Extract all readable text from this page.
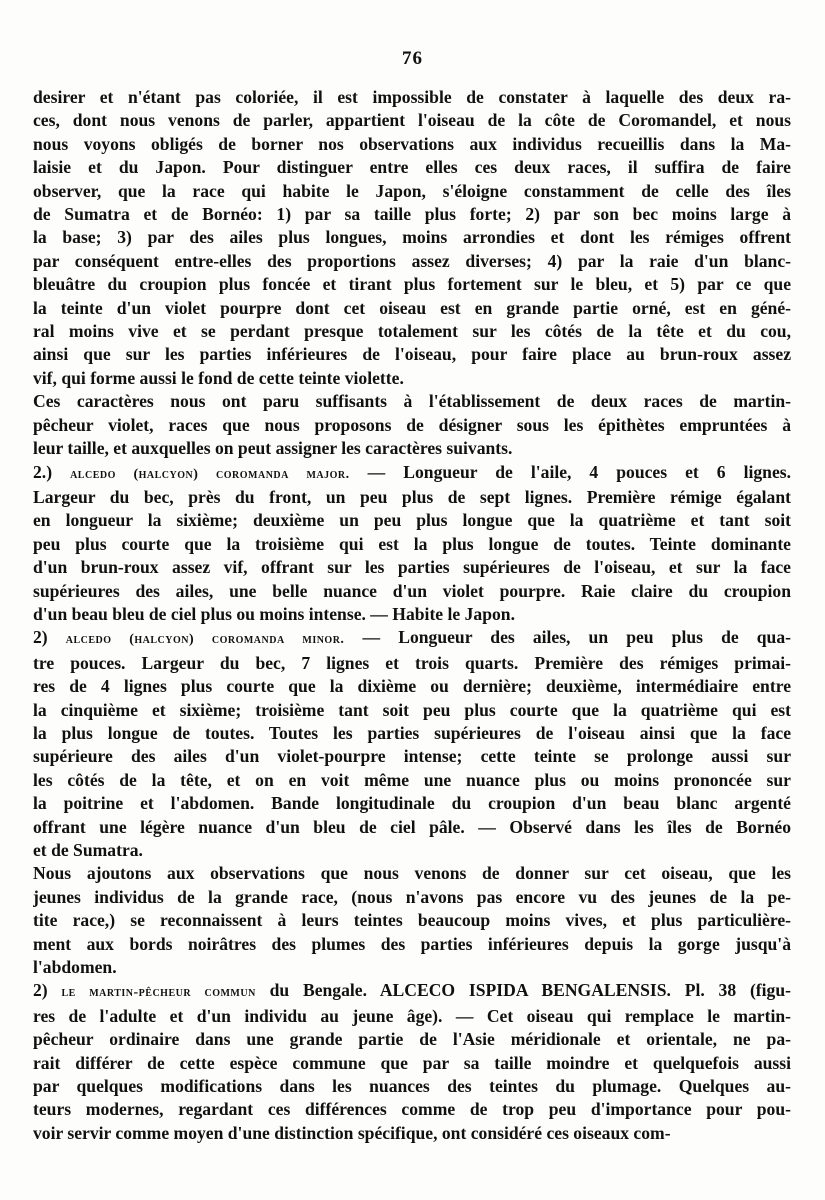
76
desirer et n'étant pas coloriée, il est impossible de constater à laquelle des deux ra-
ces, dont nous venons de parler, appartient l'oiseau de la côte de Coromandel, et nous
nous voyons obligés de borner nos observations aux individus recueillis dans la Ma-
laisie et du Japon. Pour distinguer entre elles ces deux races, il suffira de faire
observer, que la race qui habite le Japon, s'éloigne constamment de celle des îles
de Sumatra et de Bornéo: 1) par sa taille plus forte; 2) par son bec moins large à
la base; 3) par des ailes plus longues, moins arrondies et dont les rémiges offrent
par conséquent entre-elles des proportions assez diverses; 4) par la raie d'un blanc-
bleuâtre du croupion plus foncée et tirant plus fortement sur le bleu, et 5) par ce que
la teinte d'un violet pourpre dont cet oiseau est en grande partie orné, est en géné-
ral moins vive et se perdant presque totalement sur les côtés de la tête et du cou,
ainsi que sur les parties inférieures de l'oiseau, pour faire place au brun-roux assez
vif, qui forme aussi le fond de cette teinte violette.
Ces caractères nous ont paru suffisants à l'établissement de deux races de martin-
pêcheur violet, races que nous proposons de désigner sous les épithètes empruntées à
leur taille, et auxquelles on peut assigner les caractères suivants.
2.) alcedo (halcyon) coromanda major. — Longueur de l'aile, 4 pouces et 6 lignes.
Largeur du bec, près du front, un peu plus de sept lignes. Première rémige égalant
en longueur la sixième; deuxième un peu plus longue que la quatrième et tant soit
peu plus courte que la troisième qui est la plus longue de toutes. Teinte dominante
d'un brun-roux assez vif, offrant sur les parties supérieures de l'oiseau, et sur la face
supérieures des ailes, une belle nuance d'un violet pourpre. Raie claire du croupion
d'un beau bleu de ciel plus ou moins intense. — Habite le Japon.
2) alcedo (halcyon) coromanda minor. — Longueur des ailes, un peu plus de qua-
tre pouces. Largeur du bec, 7 lignes et trois quarts. Première des rémiges primai-
res de 4 lignes plus courte que la dixième ou dernière; deuxième, intermédiaire entre
la cinquième et sixième; troisième tant soit peu plus courte que la quatrième qui est
la plus longue de toutes. Toutes les parties supérieures de l'oiseau ainsi que la face
supérieure des ailes d'un violet-pourpre intense; cette teinte se prolonge aussi sur
les côtés de la tête, et on en voit même une nuance plus ou moins prononcée sur
la poitrine et l'abdomen. Bande longitudinale du croupion d'un beau blanc argenté
offrant une légère nuance d'un bleu de ciel pâle. — Observé dans les îles de Bornéo
et de Sumatra.
Nous ajoutons aux observations que nous venons de donner sur cet oiseau, que les
jeunes individus de la grande race, (nous n'avons pas encore vu des jeunes de la pe-
tite race,) se reconnaissent à leurs teintes beaucoup moins vives, et plus particulière-
ment aux bords noirâtres des plumes des parties inférieures depuis la gorge jusqu'à
l'abdomen.
2) le martin-pêcheur commun du Bengale. ALCECO ISPIDA BENGALENSIS. Pl. 38 (figu-
res de l'adulte et d'un individu au jeune âge). — Cet oiseau qui remplace le martin-
pêcheur ordinaire dans une grande partie de l'Asie méridionale et orientale, ne pa-
rait différer de cette espèce commune que par sa taille moindre et quelquefois aussi
par quelques modifications dans les nuances des teintes du plumage. Quelques au-
teurs modernes, regardant ces différences comme de trop peu d'importance pour pou-
voir servir comme moyen d'une distinction spécifique, ont considéré ces oiseaux com-
